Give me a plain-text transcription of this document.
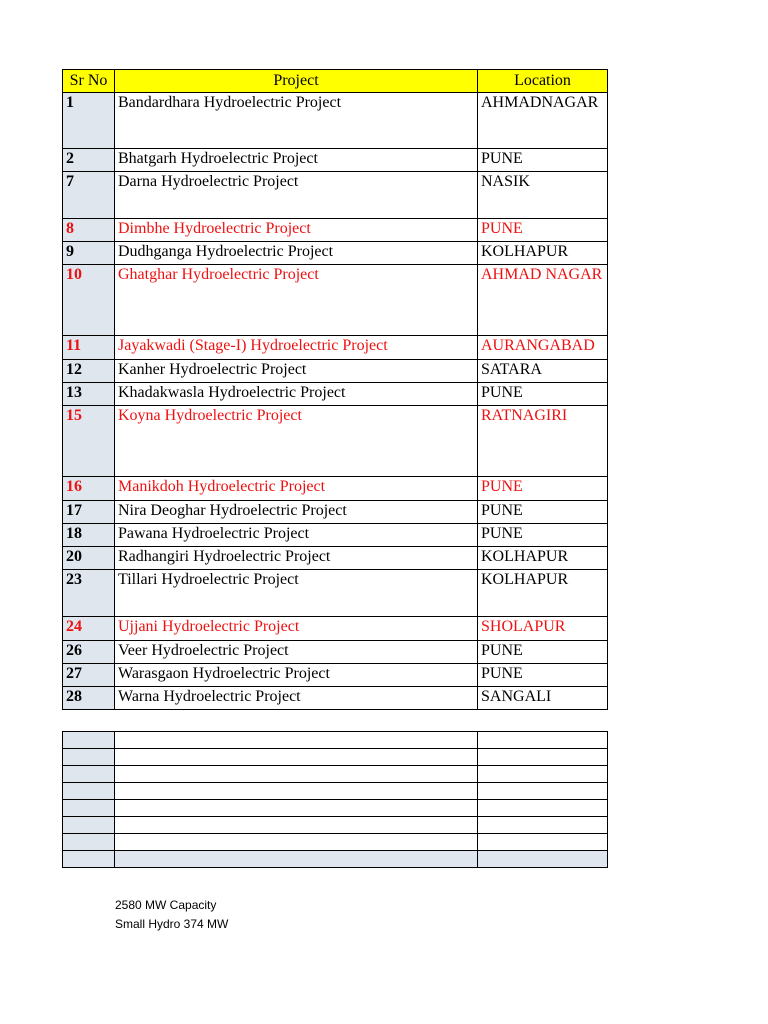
Sr No	Project	Location
1	Bandardhara Hydroelectric Project	AHMADNAGAR
2	Bhatgarh Hydroelectric Project	PUNE
7	Darna Hydroelectric Project	NASIK
8	Dimbhe Hydroelectric Project	PUNE
9	Dudhganga Hydroelectric Project	KOLHAPUR
10	Ghatghar Hydroelectric Project	AHMAD NAGAR
11	Jayakwadi (Stage-I) Hydroelectric Project	AURANGABAD
12	Kanher Hydroelectric Project	SATARA
13	Khadakwasla Hydroelectric Project	PUNE
15	Koyna Hydroelectric Project	RATNAGIRI
16	Manikdoh Hydroelectric Project	PUNE
17	Nira Deoghar Hydroelectric Project	PUNE
18	Pawana Hydroelectric Project	PUNE
20	Radhangiri Hydroelectric Project	KOLHAPUR
23	Tillari Hydroelectric Project	KOLHAPUR
24	Ujjani Hydroelectric Project	SHOLAPUR
26	Veer Hydroelectric Project	PUNE
27	Warasgaon Hydroelectric Project	PUNE
28	Warna Hydroelectric Project	SANGALI

2580 MW Capacity
Small Hydro 374 MW
